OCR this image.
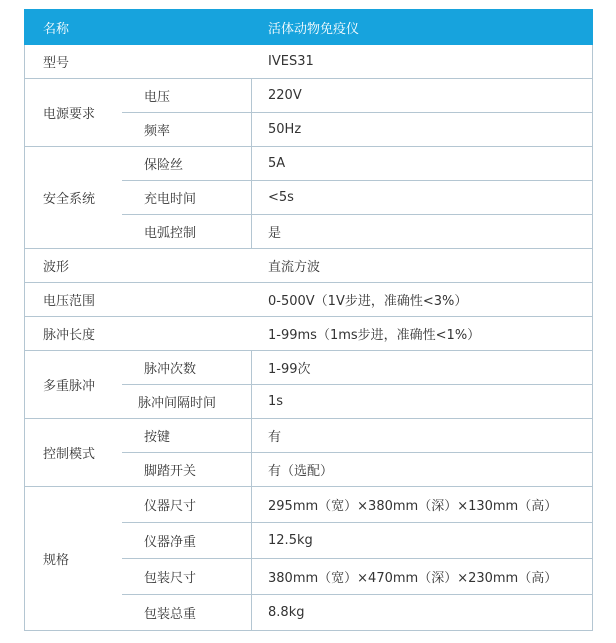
名称		活体动物免疫仪
型号		IVES31
电源要求	电压	220V
	频率	50Hz
安全系统	保险丝	5A
	充电时间	<5s
	电弧控制	是
波形		直流方波
电压范围		0-500V（1V步进，准确性<3%）
脉冲长度		1-99ms（1ms步进，准确性<1%）
多重脉冲	脉冲次数	1-99次
	脉冲间隔时间	1s
控制模式	按键	有
	脚踏开关	有（选配）
规格	仪器尺寸	295mm（宽）×380mm（深）×130mm（高）
	仪器净重	12.5kg
	包装尺寸	380mm（宽）×470mm（深）×230mm（高）
	包装总重	8.8kg
